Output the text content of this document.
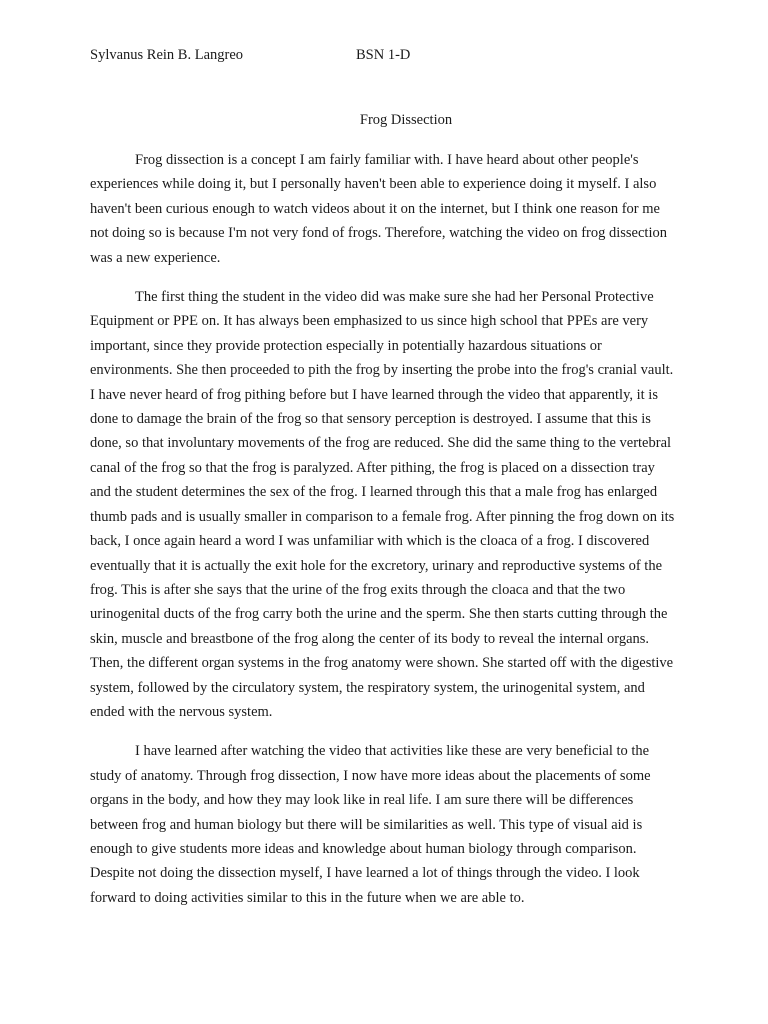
Sylvanus Rein B. Langreo	BSN 1-D
Frog Dissection

Frog dissection is a concept I am fairly familiar with. I have heard about other people's experiences while doing it, but I personally haven't been able to experience doing it myself. I also haven't been curious enough to watch videos about it on the internet, but I think one reason for me not doing so is because I'm not very fond of frogs. Therefore, watching the video on frog dissection was a new experience.

The first thing the student in the video did was make sure she had her Personal Protective Equipment or PPE on. It has always been emphasized to us since high school that PPEs are very important, since they provide protection especially in potentially hazardous situations or environments. She then proceeded to pith the frog by inserting the probe into the frog's cranial vault. I have never heard of frog pithing before but I have learned through the video that apparently, it is done to damage the brain of the frog so that sensory perception is destroyed. I assume that this is done, so that involuntary movements of the frog are reduced. She did the same thing to the vertebral canal of the frog so that the frog is paralyzed. After pithing, the frog is placed on a dissection tray and the student determines the sex of the frog. I learned through this that a male frog has enlarged thumb pads and is usually smaller in comparison to a female frog. After pinning the frog down on its back, I once again heard a word I was unfamiliar with which is the cloaca of a frog. I discovered eventually that it is actually the exit hole for the excretory, urinary and reproductive systems of the frog. This is after she says that the urine of the frog exits through the cloaca and that the two urinogenital ducts of the frog carry both the urine and the sperm. She then starts cutting through the skin, muscle and breastbone of the frog along the center of its body to reveal the internal organs. Then, the different organ systems in the frog anatomy were shown. She started off with the digestive system, followed by the circulatory system, the respiratory system, the urinogenital system, and ended with the nervous system.

I have learned after watching the video that activities like these are very beneficial to the study of anatomy. Through frog dissection, I now have more ideas about the placements of some organs in the body, and how they may look like in real life. I am sure there will be differences between frog and human biology but there will be similarities as well. This type of visual aid is enough to give students more ideas and knowledge about human biology through comparison. Despite not doing the dissection myself, I have learned a lot of things through the video. I look forward to doing activities similar to this in the future when we are able to.
